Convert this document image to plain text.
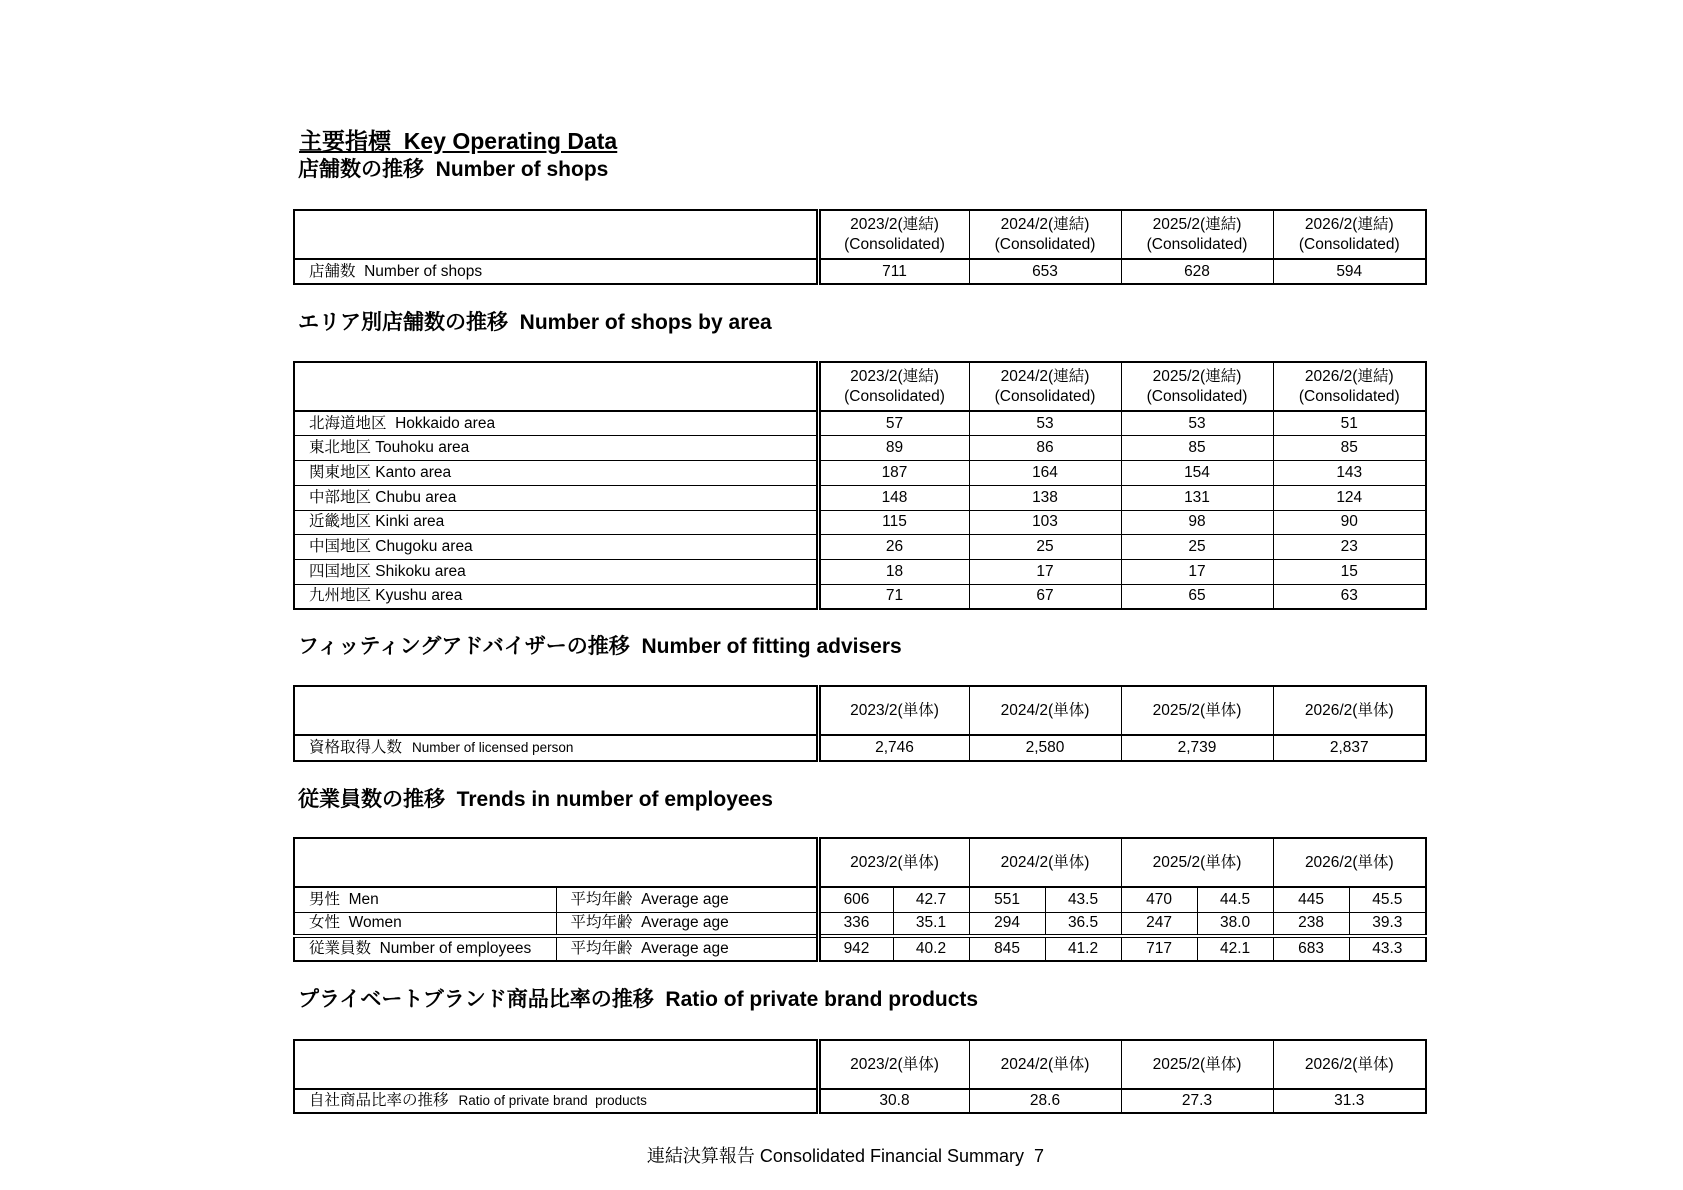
主要指標  Key Operating Data
店舗数の推移  Number of shops

	2023/2(連結)
(Consolidated)	2024/2(連結)
(Consolidated)	2025/2(連結)
(Consolidated)	2026/2(連結)
(Consolidated)

店舗数  Number of shops	711	653	628	594
エリア別店舗数の推移  Number of shops by area

	2023/2(連結)
(Consolidated)	2024/2(連結)
(Consolidated)	2025/2(連結)
(Consolidated)	2026/2(連結)
(Consolidated)

北海道地区  Hokkaido area	57	53	53	51
東北地区 Touhoku area	89	86	85	85
関東地区 Kanto area	187	164	154	143
中部地区 Chubu area	148	138	131	124
近畿地区 Kinki area	115	103	98	90
中国地区 Chugoku area	26	25	25	23
四国地区 Shikoku area	18	17	17	15
九州地区 Kyushu area	71	67	65	63
フィッティングアドバイザーの推移  Number of fitting advisers
	2023/2(単体)	2024/2(単体)	2025/2(単体)	2026/2(単体)
資格取得人数 Number of licensed person	2,746	2,580	2,739	2,837
従業員数の推移  Trends in number of employees
		2023/2(単体)		2024/2(単体)		2025/2(単体)		2026/2(単体)	
男性  Men	平均年齢  Average age	606	42.7	551	43.5	470	44.5	445	45.5
女性  Women	平均年齢  Average age	336	35.1	294	36.5	247	38.0	238	39.3
従業員数  Number of employees	平均年齢  Average age	942	40.2	845	41.2	717	42.1	683	43.3
プライベートブランド商品比率の推移  Ratio of private brand products
	2023/2(単体)	2024/2(単体)	2025/2(単体)	2026/2(単体)
自社商品比率の推移 Ratio of private brand  products	30.8	28.6	27.3	31.3
連結決算報告 Consolidated Financial Summary  7
